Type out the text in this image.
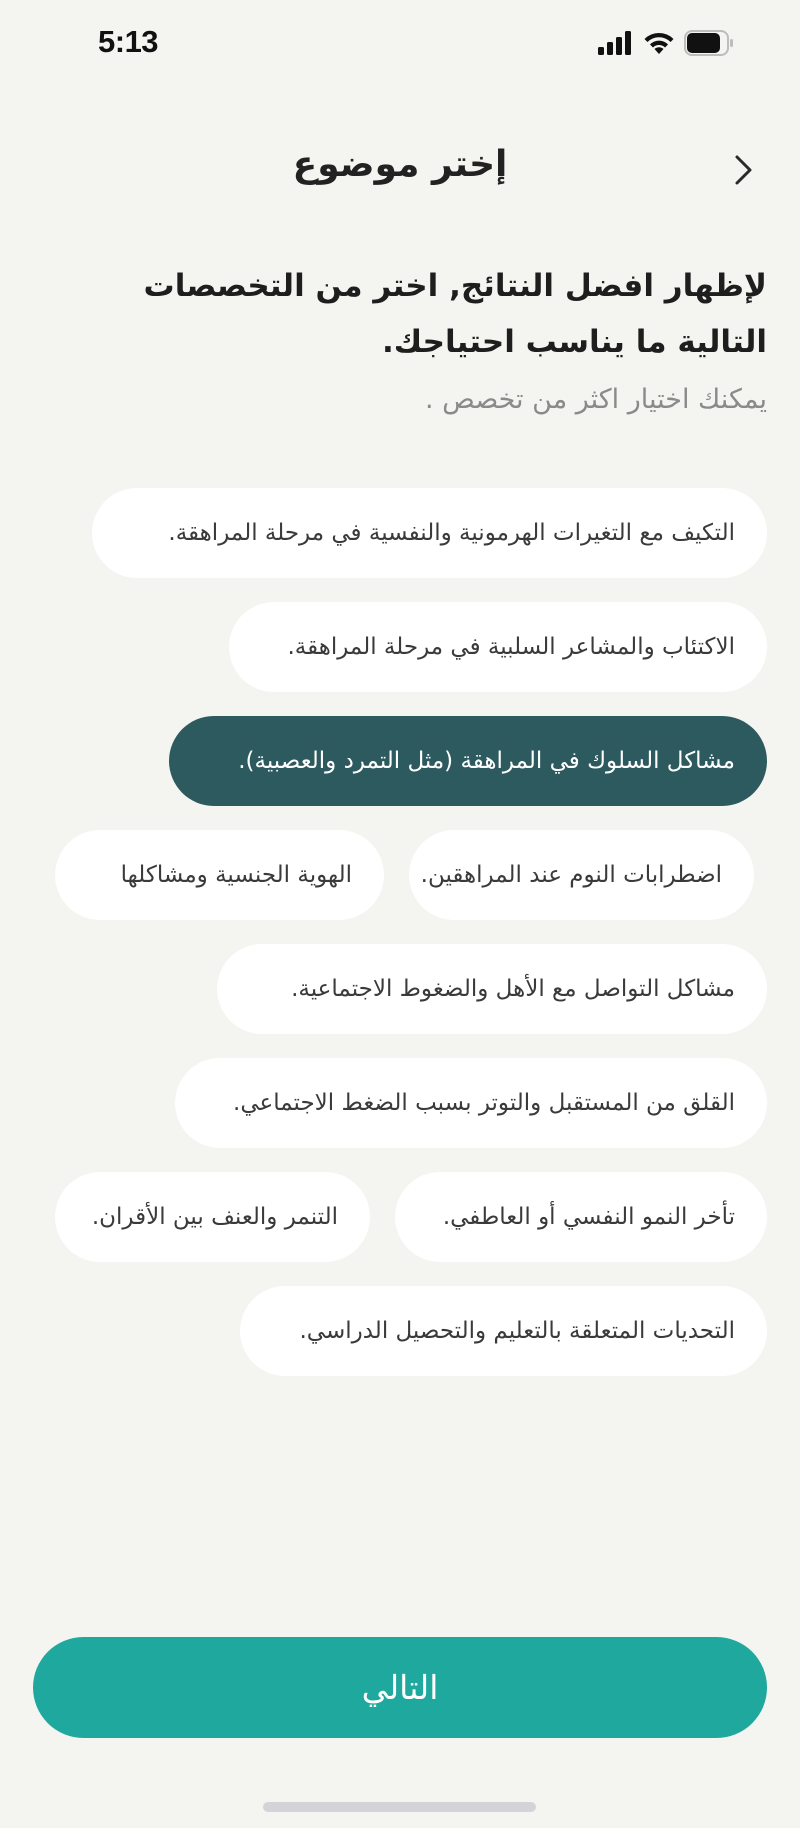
5:13
إختر موضوع
لإظهار افضل النتائج, اختر من التخصصات
التالية ما يناسب احتياجك.
يمكنك اختيار اكثر من تخصص .
التكيف مع التغيرات الهرمونية والنفسية في مرحلة المراهقة.
الاكتئاب والمشاعر السلبية في مرحلة المراهقة.
مشاكل السلوك في المراهقة (مثل التمرد والعصبية).
اضطرابات النوم عند المراهقين.
الهوية الجنسية ومشاكلها
مشاكل التواصل مع الأهل والضغوط الاجتماعية.
القلق من المستقبل والتوتر بسبب الضغط الاجتماعي.
تأخر النمو النفسي أو العاطفي.
التنمر والعنف بين الأقران.
التحديات المتعلقة بالتعليم والتحصيل الدراسي.
التالي
